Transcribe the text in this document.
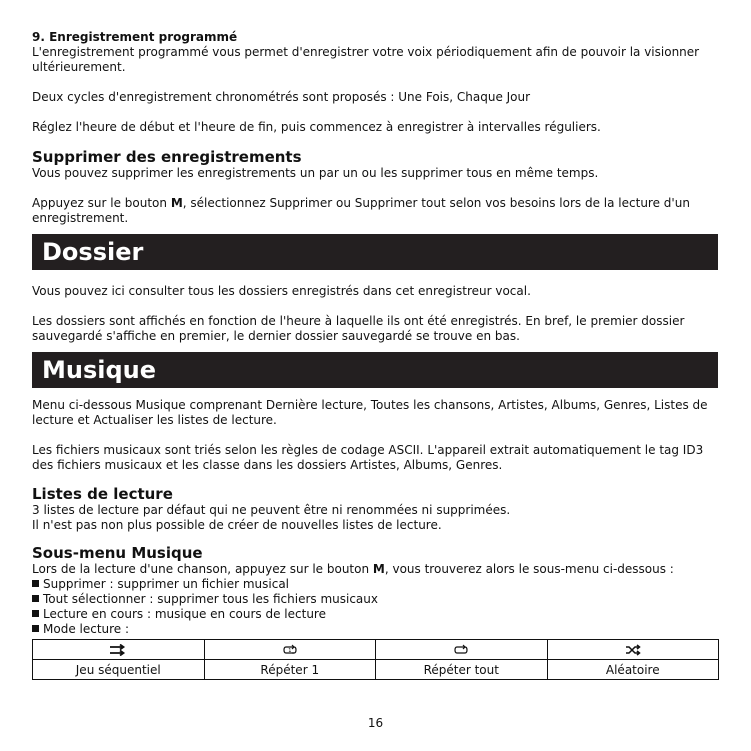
9. Enregistrement programmé

L'enregistrement programmé vous permet d'enregistrer votre voix périodiquement afin de pouvoir la visionner ultérieurement.

Deux cycles d'enregistrement chronométrés sont proposés : Une Fois, Chaque Jour

Réglez l'heure de début et l'heure de fin, puis commencez à enregistrer à intervalles réguliers.

Supprimer des enregistrements

Vous pouvez supprimer les enregistrements un par un ou les supprimer tous en même temps.

Appuyez sur le bouton M, sélectionnez Supprimer ou Supprimer tout selon vos besoins lors de la lecture d'un enregistrement.

Dossier

Vous pouvez ici consulter tous les dossiers enregistrés dans cet enregistreur vocal.

Les dossiers sont affichés en fonction de l'heure à laquelle ils ont été enregistrés. En bref, le premier dossier sauvegardé s'affiche en premier, le dernier dossier sauvegardé se trouve en bas.

Musique

Menu ci-dessous Musique comprenant Dernière lecture, Toutes les chansons, Artistes, Albums, Genres, Listes de lecture et Actualiser les listes de lecture.

Les fichiers musicaux sont triés selon les règles de codage ASCII. L'appareil extrait automatiquement le tag ID3 des fichiers musicaux et les classe dans les dossiers Artistes, Albums, Genres.

Listes de lecture

3 listes de lecture par défaut qui ne peuvent être ni renommées ni supprimées.

Il n'est pas non plus possible de créer de nouvelles listes de lecture.

Sous-menu Musique

Lors de la lecture d'une chanson, appuyez sur le bouton M, vous trouverez alors le sous-menu ci-dessous :

Supprimer : supprimer un fichier musical

Tout sélectionner : supprimer tous les fichiers musicaux

Lecture en cours : musique en cours de lecture

Mode lecture :

1

Jeu séquentiel	Répéter 1	Répéter tout	Aléatoire
16
